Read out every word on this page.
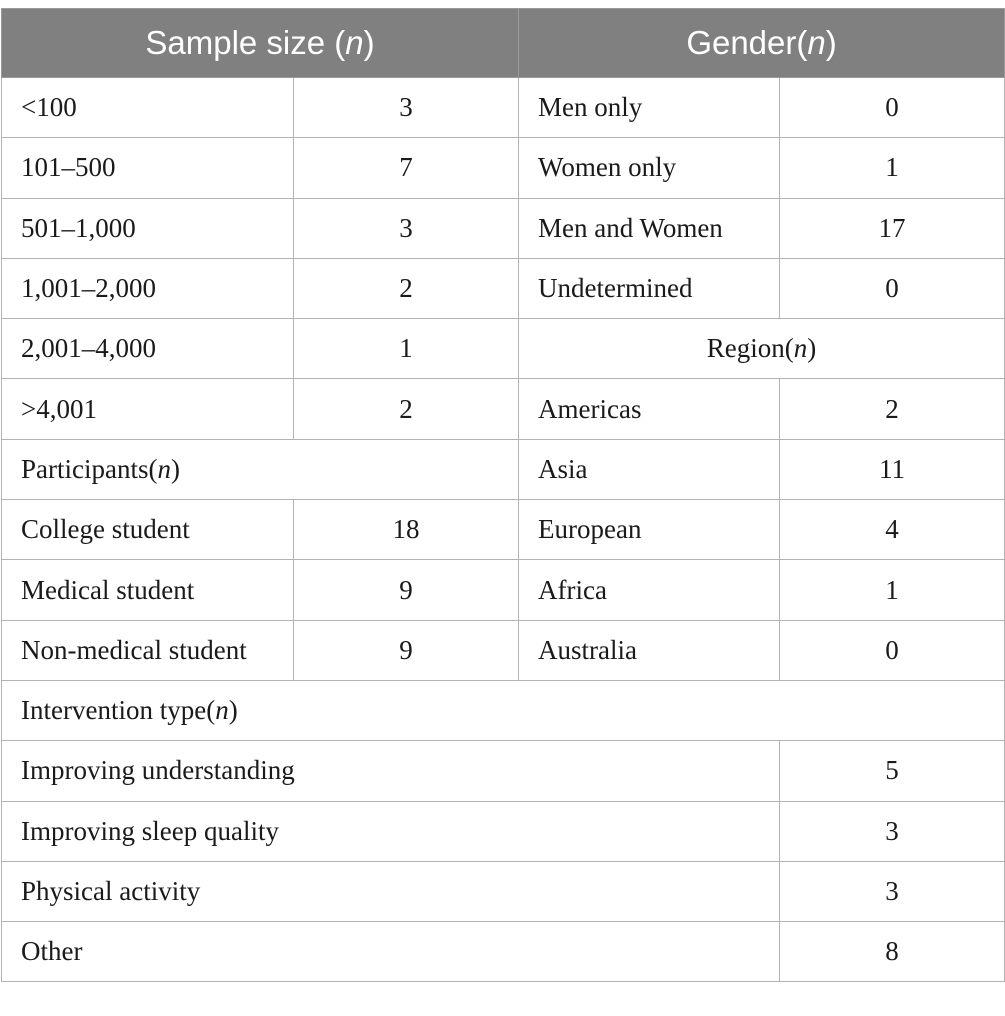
Sample size (n)		Gender(n)	
<100	3	Men only	0
101–500	7	Women only	1
501–1,000	3	Men and Women	17
1,001–2,000	2	Undetermined	0
2,001–4,000	1	Region(n)	
>4,001	2	Americas	2
Participants(n)		Asia	11
College student	18	European	4
Medical student	9	Africa	1
Non-medical student	9	Australia	0
Intervention type(n)			
Improving understanding			5
Improving sleep quality			3
Physical activity			3
Other			8
